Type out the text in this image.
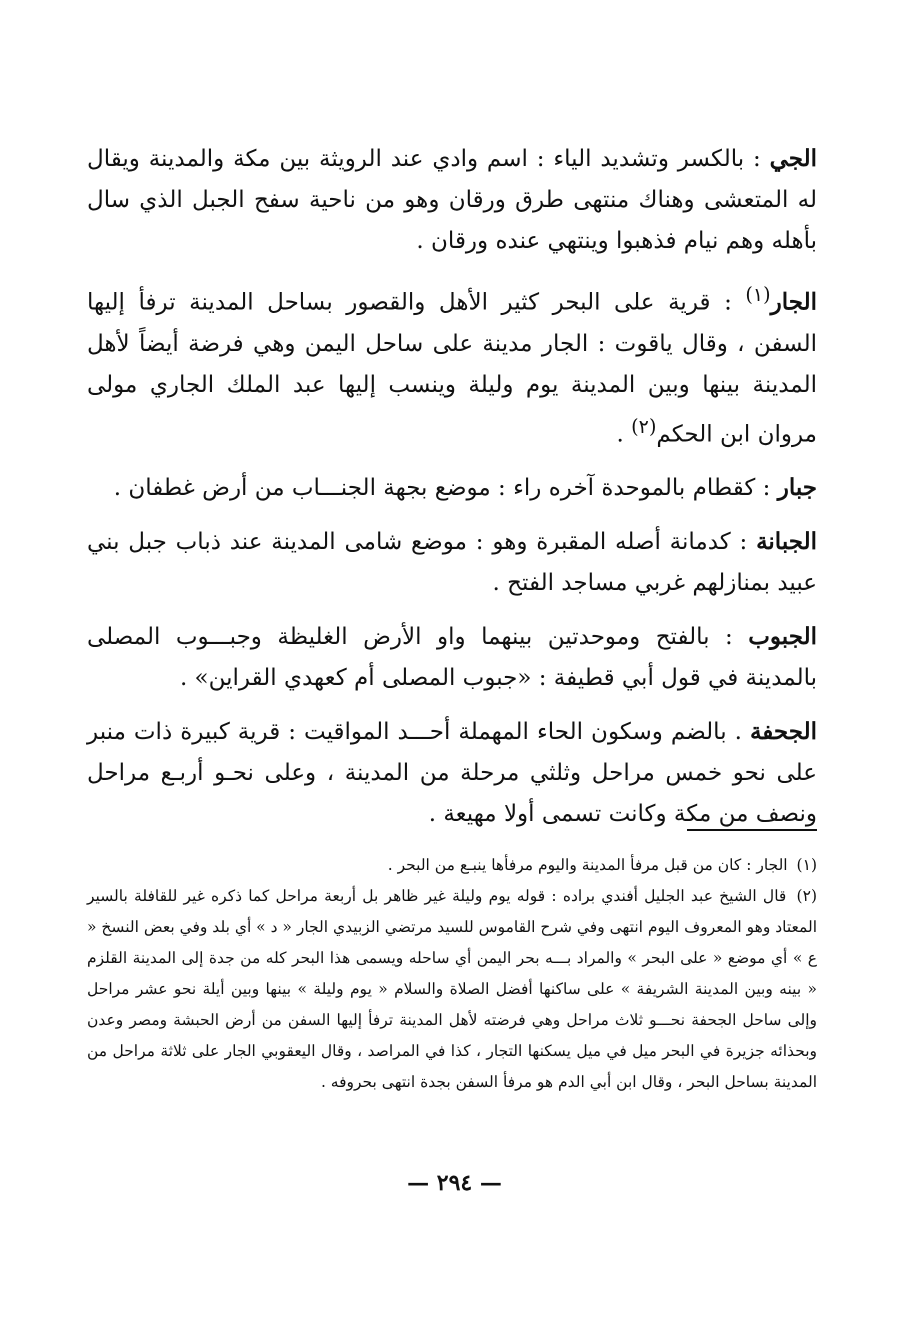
الجي : بالكسر وتشديد الياء : اسم وادي عند الرويثة بين مكة والمدينة ويقال له المتعشى وهناك منتهى طرق ورقان وهو من ناحية سفح الجبل الذي سال بأهله وهم نيام فذهبوا وينتهي عنده ورقان .

الجار$^{(١)}$ : قرية على البحر كثير الأهل والقصور بساحل المدينة ترفأ إليها السفن ، وقال ياقوت : الجار مدينة على ساحل اليمن وهي فرضة أيضاً لأهل المدينة بينها وبين المدينة يوم وليلة وينسب إليها عبد الملك الجاري مولى مروان ابن الحكم$^{(٢)}$ .

جبار : كقطام بالموحدة آخره راء : موضع بجهة الجنـــاب من أرض غطفان .

الجبانة : كدمانة أصله المقبرة وهو : موضع شامى المدينة عند ذباب جبل بني عبيد بمنازلهم غربي مساجد الفتح .

الجبوب : بالفتح وموحدتين بينهما واو الأرض الغليظة وجبـــوب المصلى بالمدينة في قول أبي قطيفة : «جبوب المصلى أم كعهدي القراين» .

الجحفة . بالضم وسكون الحاء المهملة أحـــد المواقيت : قرية كبيرة ذات منبر على نحو خمس مراحل وثلثي مرحلة من المدينة ، وعلى نحـو أربـع مراحل ونصف من مكة وكانت تسمى أولا مهيعة .

(١) الجار : كان من قبل مرفأ المدينة واليوم مرفأها ينبـع من البحر .

(٢) قال الشيخ عبد الجليل أفندي براده : قوله يوم وليلة غير ظاهر بل أربعة مراحل كما ذكره غير للقافلة بالسير المعتاد وهو المعروف اليوم انتهى وفي شرح القاموس للسيد مرتضي الزبيدي الجار « د » أي بلد وفي بعض النسخ « ع » أي موضع « على البحر » والمراد بـــه بحر اليمن أي ساحله ويسمى هذا البحر كله من جدة إلى المدينة القلزم « بينه وبين المدينة الشريفة » على ساكنها أفضل الصلاة والسلام « يوم وليلة » بينها وبين أيلة نحو عشر مراحل وإلى ساحل الجحفة نحـــو ثلاث مراحل وهي فرضته لأهل المدينة ترفأ إليها السفن من أرض الحبشة ومصر وعدن وبحذائه جزيرة في البحر ميل في ميل يسكنها التجار ، كذا في المراصد ، وقال اليعقوبي الجار على ثلاثة مراحل من المدينة بساحل البحر ، وقال ابن أبي الدم هو مرفأ السفن بجدة انتهى بحروفه .

— ٢٩٤ —
